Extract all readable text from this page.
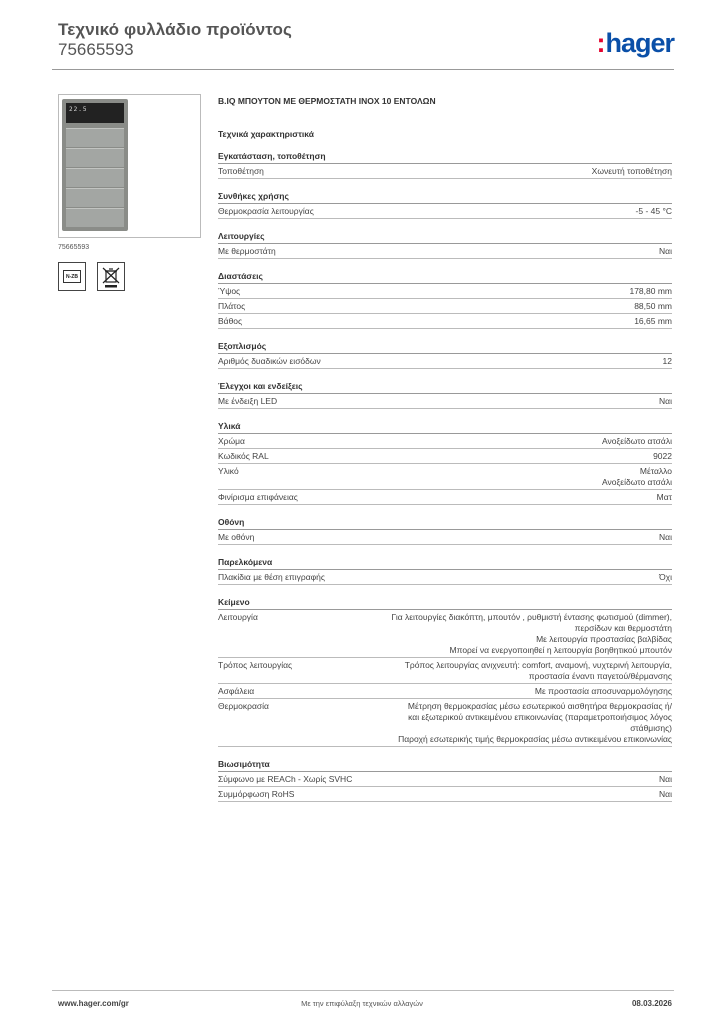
Τεχνικό φυλλάδιο προϊόντος
75665593	:hager
22.5
75665593
N-ZB
B.IQ ΜΠΟΥΤΟΝ ΜΕ ΘΕΡΜΟΣΤΑΤΗ INOX 10 ΕΝΤΟΛΩΝ
Τεχνικά χαρακτηριστικά
Εγκατάσταση, τοποθέτηση
Τοποθέτηση	Χωνευτή τοποθέτηση
Συνθήκες χρήσης
Θερμοκρασία λειτουργίας	-5 - 45 °C
Λειτουργίες
Με θερμοστάτη	Ναι
Διαστάσεις
Ύψος	178,80 mm
Πλάτος	88,50 mm
Βάθος	16,65 mm
Εξοπλισμός
Αριθμός δυαδικών εισόδων	12
Έλεγχοι και ενδείξεις
Με ένδειξη LED	Ναι
Υλικά
Χρώμα	Ανοξείδωτο ατσάλι
Κωδικός RAL	9022
Υλικό	Μέταλλο
Ανοξείδωτο ατσάλι
Φινίρισμα επιφάνειας	Ματ
Οθόνη
Με οθόνη	Ναι
Παρελκόμενα
Πλακίδια με θέση επιγραφής	Όχι
Κείμενο
Λειτουργία	Για λειτουργίες διακόπτη, μπουτόν , ρυθμιστή έντασης φωτισμού (dimmer),
περσίδων και θερμοστάτη
Με λειτουργία προστασίας βαλβίδας
Μπορεί να ενεργοποιηθεί η λειτουργία βοηθητικού μπουτόν
Τρόπος λειτουργίας	Τρόπος λειτουργίας ανιχνευτή: comfort, αναμονή, νυχτερινή λειτουργία,
προστασία έναντι παγετού/θέρμανσης
Ασφάλεια	Με προστασία αποσυναρμολόγησης
Θερμοκρασία	Μέτρηση θερμοκρασίας μέσω εσωτερικού αισθητήρα θερμοκρασίας ή/
και εξωτερικού αντικειμένου επικοινωνίας (παραμετροποιήσιμος λόγος
στάθμισης)
Παροχή εσωτερικής τιμής θερμοκρασίας μέσω αντικειμένου επικοινωνίας
Βιωσιμότητα
Σύμφωνο με REACh - Χωρίς SVHC	Ναι
Συμμόρφωση RoHS	Ναι
www.hager.com/gr	Με την επιφύλαξη τεχνικών αλλαγών	08.03.2026
